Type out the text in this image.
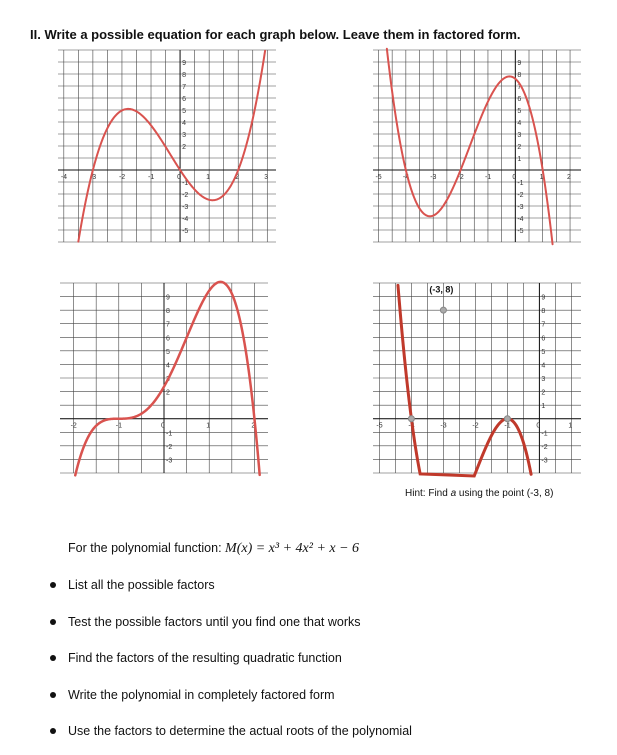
II. Write a possible equation for each graph below. Leave them in factored form.
-4	-3	-2	-1	0	1	2	3
9
8
7
6
5
4
3
2
-1
-2
-3
-4
-5
-5	-4	-3	-2	-1	0	1	2
9
8
7
6
5
4
3
2
1
-1
-2
-3
-4
-5
-2	-1	0	1	2
9
8
7
6
5
4
3
2
-1
-2
-3
-5	-4	-3	-2	-1	0	1
9
8
7
6
5
4
3
2
1
-1
-2
-3
(-3, 8)
Hint: Find a using the point (-3, 8)
For the polynomial function: M(x) = x³ + 4x² + x − 6
List all the possible factors
Test the possible factors until you find one that works
Find the factors of the resulting quadratic function
Write the polynomial in completely factored form
Use the factors to determine the actual roots of the polynomial
